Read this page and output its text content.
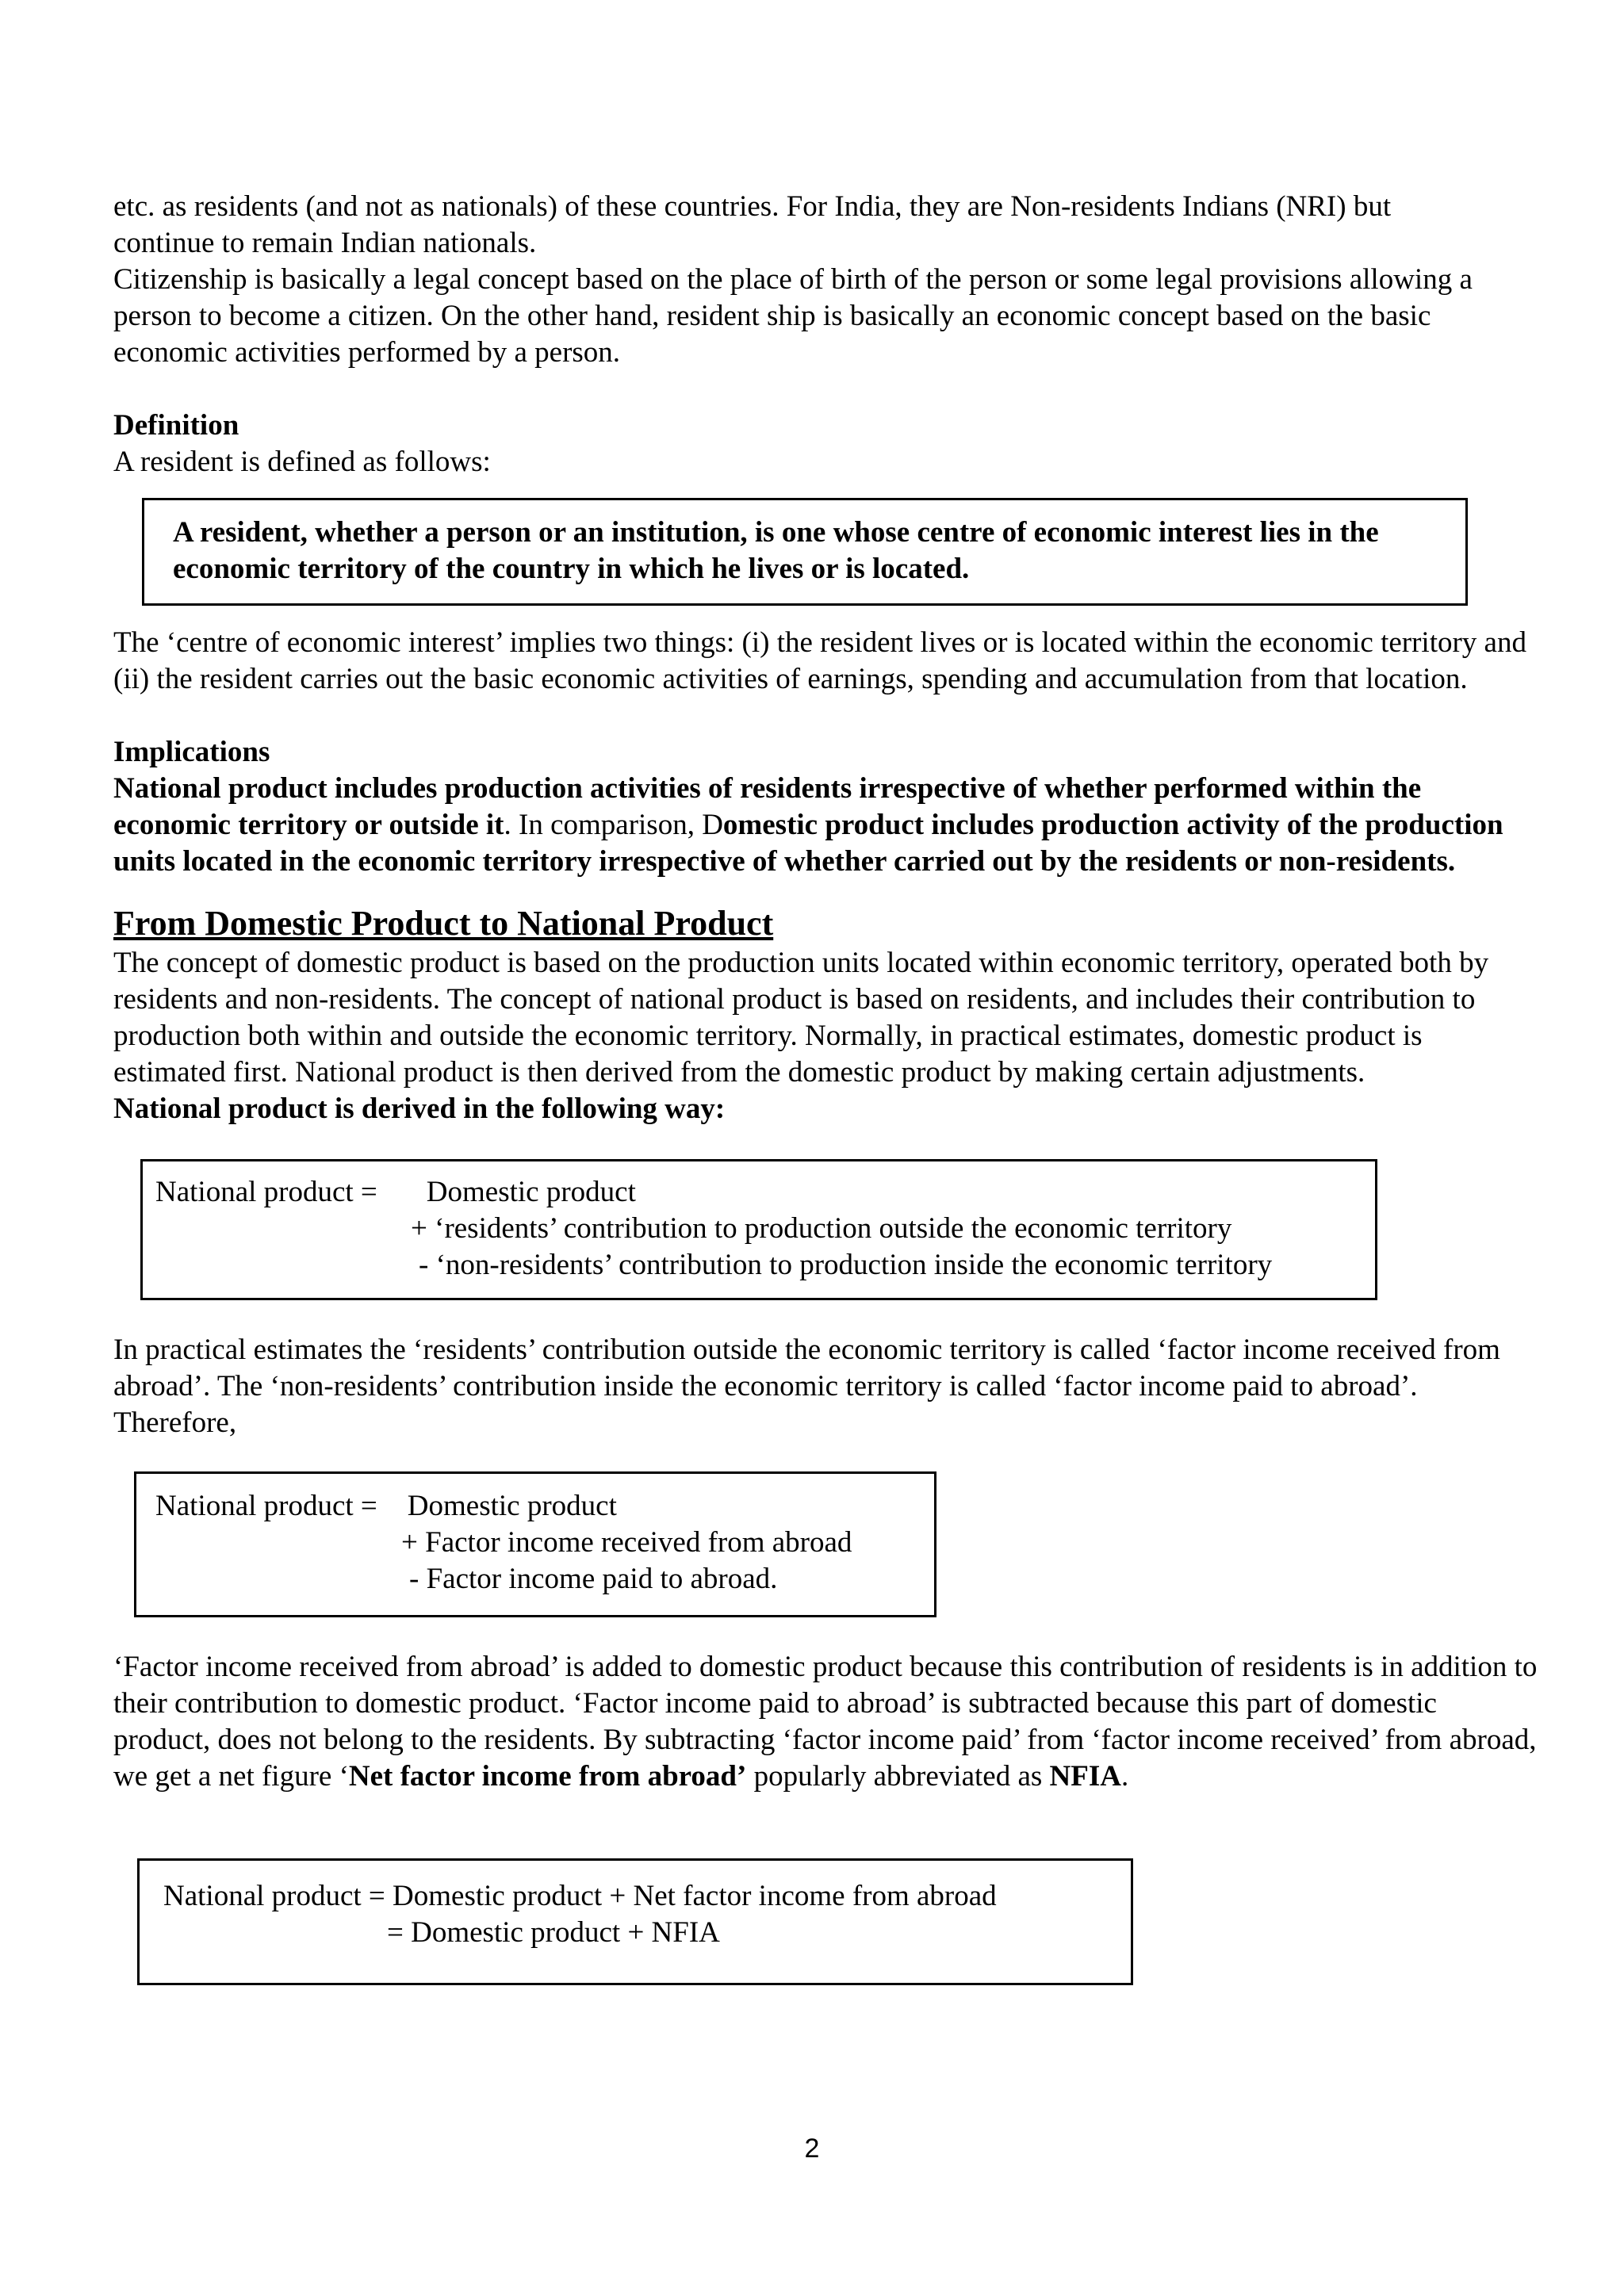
etc. as residents (and not as nationals) of these countries. For India, they are Non-residents Indians (NRI) but

continue to remain Indian nationals.

Citizenship is basically a legal concept based on the place of birth of the person or some legal provisions allowing a person to become a citizen. On the other hand, resident ship is basically an economic concept based on the basic economic activities performed by a person.

Definition

A resident is defined as follows:

A resident, whether a person or an institution, is one whose centre of economic interest lies in the economic territory of the country in which he lives or is located.

The ‘centre of economic interest’ implies two things: (i) the resident lives or is located within the economic territory and (ii) the resident carries out the basic economic activities of earnings, spending and accumulation from that location.

Implications

National product includes production activities of residents irrespective of whether performed within the economic territory or outside it. In comparison, Domestic product includes production activity of the production units located in the economic territory irrespective of whether carried out by the residents or non-residents.

From Domestic Product to National Product

The concept of domestic product is based on the production units located within economic territory, operated both by residents and non-residents. The concept of national product is based on residents, and includes their contribution to production both within and outside the economic territory. Normally, in practical estimates, domestic product is estimated first. National product is then derived from the domestic product by making certain adjustments.

National product is derived in the following way:

National product = Domestic product
+ ‘residents’ contribution to production outside the economic territory
- ‘non-residents’ contribution to production inside the economic territory

In practical estimates the ‘residents’ contribution outside the economic territory is called ‘factor income received from abroad’. The ‘non-residents’ contribution inside the economic territory is called ‘factor income paid to abroad’. Therefore,

National product = Domestic product
+ Factor income received from abroad
- Factor income paid to abroad.

‘Factor income received from abroad’ is added to domestic product because this contribution of residents is in addition to their contribution to domestic product. ‘Factor income paid to abroad’ is subtracted because this part of domestic product, does not belong to the residents. By subtracting ‘factor income paid’ from ‘factor income received’ from abroad, we get a net figure ‘Net factor income from abroad’ popularly abbreviated as NFIA.

National product = Domestic product + Net factor income from abroad
= Domestic product + NFIA
2
